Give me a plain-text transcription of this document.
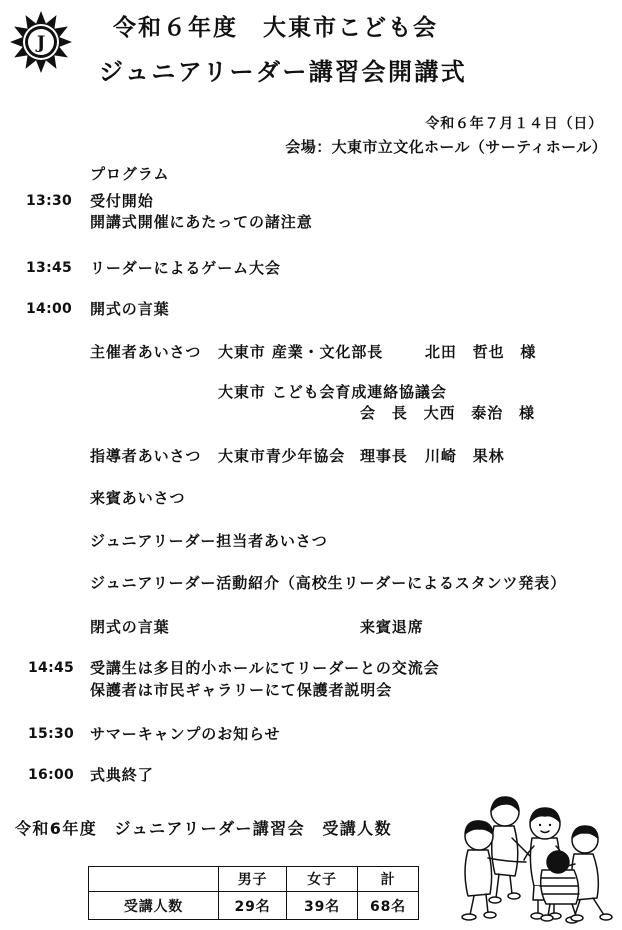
J
令和６年度　大東市こども会
ジュニアリーダー講習会開講式
令和６年７月１４日（日）
会場：大東市立文化ホール（サーティホール）
プログラム
13:30 受付開始
開講式開催にあたっての諸注意
13:45 リーダーによるゲーム大会
14:00 開式の言葉
主催者あいさつ 大東市 産業・文化部長	北田　哲也　様
大東市 こども会育成連絡協議会
会　長　大西　泰治　様
指導者あいさつ 大東市青少年協会 理事長 川崎　果林
来賓あいさつ
ジュニアリーダー担当者あいさつ
ジュニアリーダー活動紹介（高校生リーダーによるスタンツ発表）
閉式の言葉	来賓退席
14:45 受講生は多目的小ホールにてリーダーとの交流会
保護者は市民ギャラリーにて保護者説明会
15:30 サマーキャンプのお知らせ
16:00 式典終了
令和6年度　ジュニアリーダー講習会　受講人数
	男子	女子	計
受講人数	29名	39名	68名
